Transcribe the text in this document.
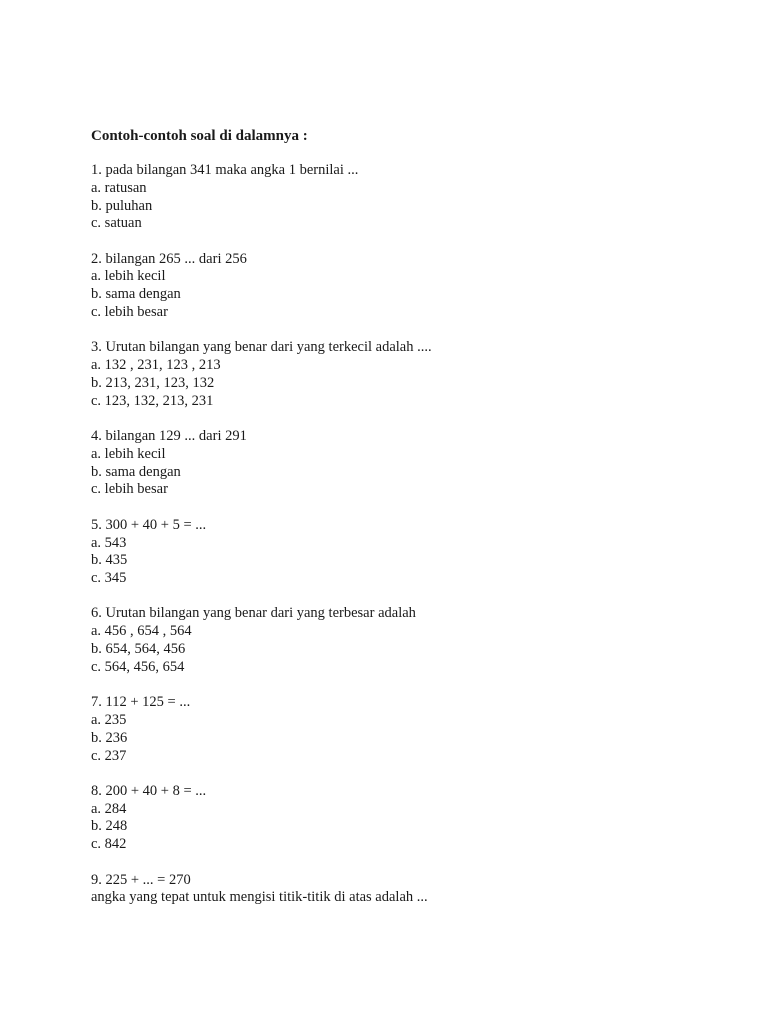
Contoh-contoh soal di dalamnya :
1. pada bilangan 341 maka angka 1 bernilai ...
a. ratusan
b. puluhan
c. satuan
2. bilangan 265 ... dari 256
a. lebih kecil
b. sama dengan
c. lebih besar
3. Urutan bilangan yang benar dari yang terkecil adalah ....
a. 132 , 231, 123 , 213
b. 213, 231, 123, 132
c. 123, 132, 213, 231
4. bilangan 129 ... dari 291
a. lebih kecil
b. sama dengan
c. lebih besar
5. 300 + 40 + 5 = ...
a. 543
b. 435
c. 345
6. Urutan bilangan yang benar dari yang terbesar adalah
a. 456 , 654 , 564
b. 654, 564, 456
c. 564, 456, 654
7. 112 + 125 = ...
a. 235
b. 236
c. 237
8. 200 + 40 + 8 = ...
a. 284
b. 248
c. 842
9. 225 + ... = 270
angka yang tepat untuk mengisi titik-titik di atas adalah ...
